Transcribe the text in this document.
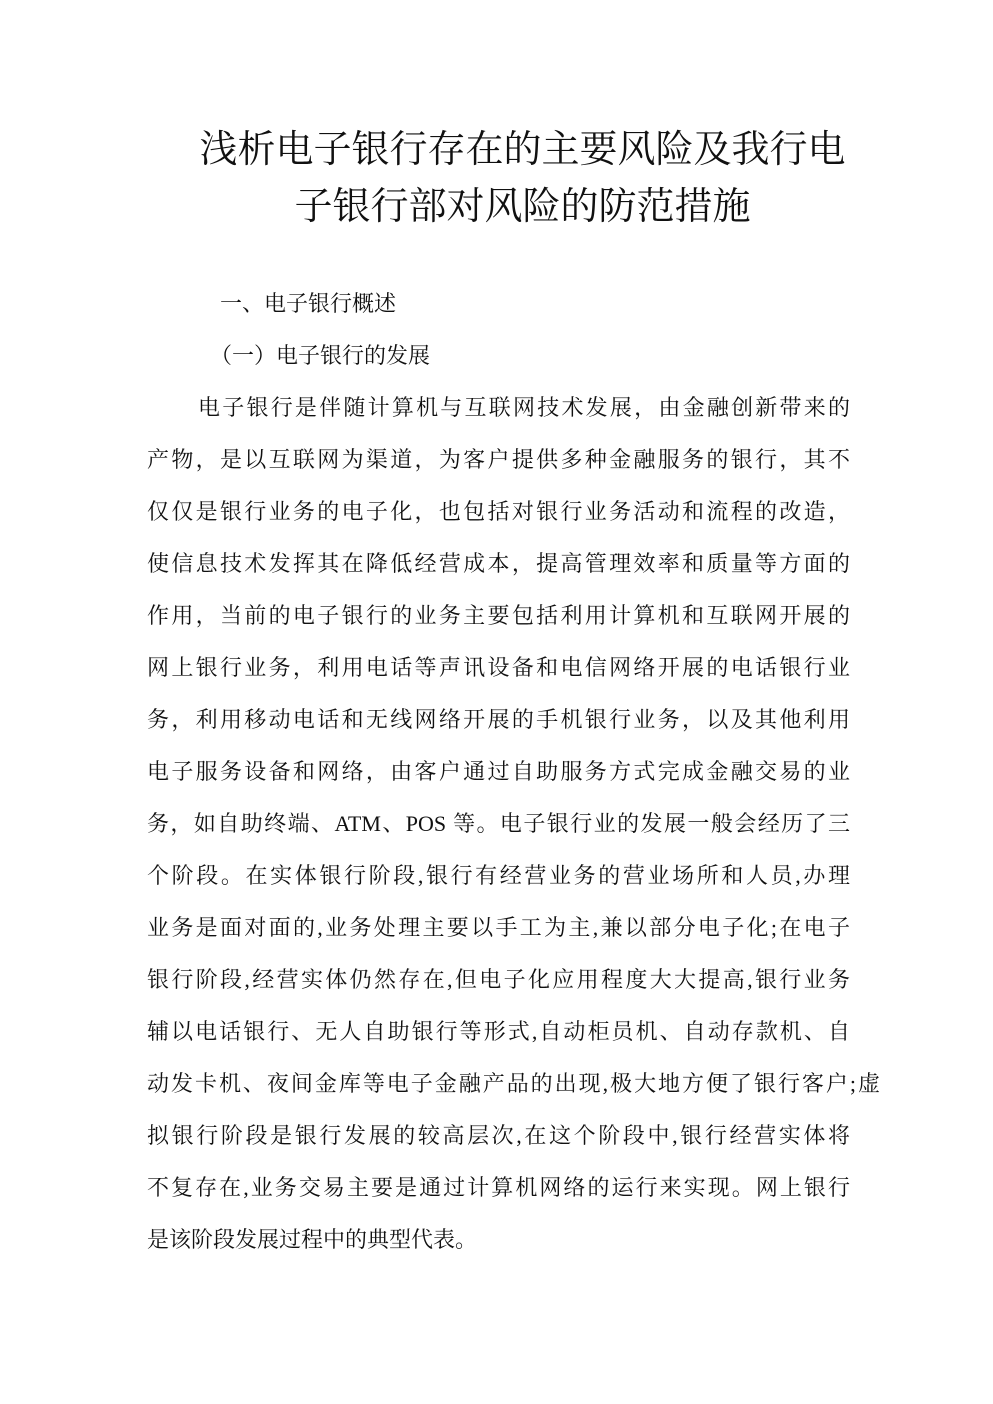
浅析电子银行存在的主要风险及我行电
子银行部对风险的防范措施
一、电子银行概述
（一）电子银行的发展
电子银行是伴随计算机与互联网技术发展，由金融创新带来的
产物，是以互联网为渠道，为客户提供多种金融服务的银行，其不
仅仅是银行业务的电子化，也包括对银行业务活动和流程的改造，
使信息技术发挥其在降低经营成本，提高管理效率和质量等方面的
作用，当前的电子银行的业务主要包括利用计算机和互联网开展的
网上银行业务，利用电话等声讯设备和电信网络开展的电话银行业
务，利用移动电话和无线网络开展的手机银行业务，以及其他利用
电子服务设备和网络，由客户通过自助服务方式完成金融交易的业
务，如自助终端、ATM、POS 等。电子银行业的发展一般会经历了三
个阶段。在实体银行阶段,银行有经营业务的营业场所和人员,办理
业务是面对面的,业务处理主要以手工为主,兼以部分电子化;在电子
银行阶段,经营实体仍然存在,但电子化应用程度大大提高,银行业务
辅以电话银行、无人自助银行等形式,自动柜员机、自动存款机、自
动发卡机、夜间金库等电子金融产品的出现,极大地方便了银行客户;虚
拟银行阶段是银行发展的较高层次,在这个阶段中,银行经营实体将
不复存在,业务交易主要是通过计算机网络的运行来实现。网上银行
是该阶段发展过程中的典型代表。
